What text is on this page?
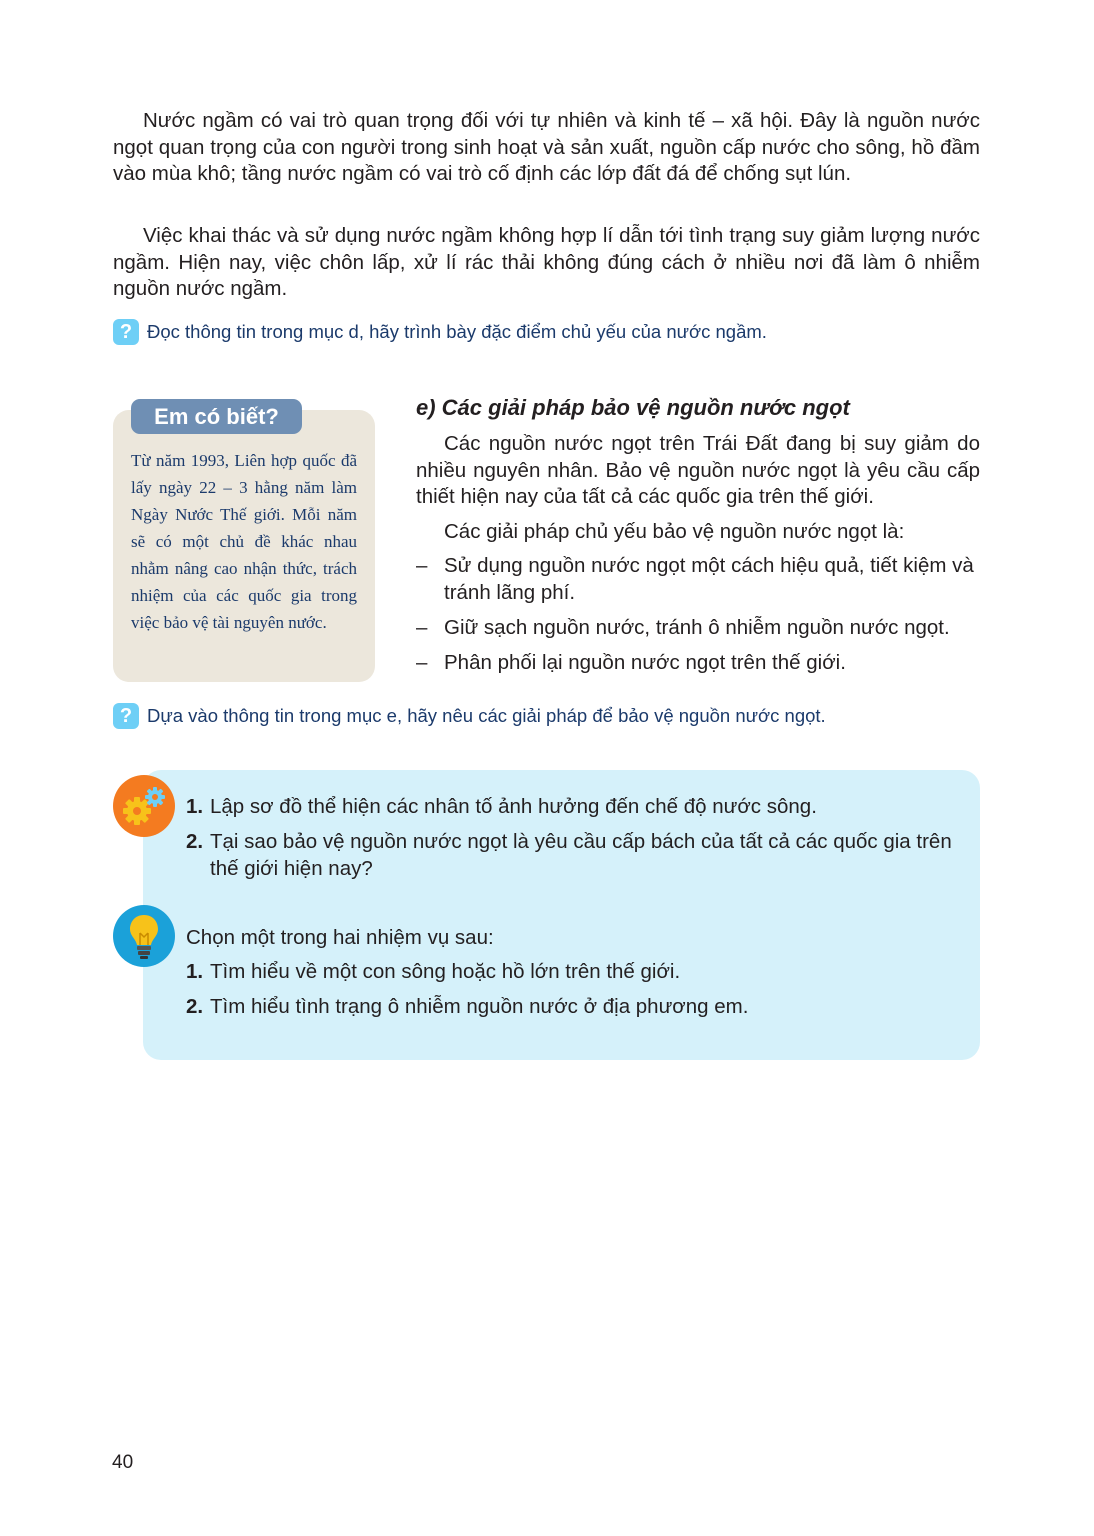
Nước ngầm có vai trò quan trọng đối với tự nhiên và kinh tế – xã hội. Đây là nguồn nước ngọt quan trọng của con người trong sinh hoạt và sản xuất, nguồn cấp nước cho sông, hồ đầm vào mùa khô; tầng nước ngầm có vai trò cố định các lớp đất đá để chống sụt lún.

Việc khai thác và sử dụng nước ngầm không hợp lí dẫn tới tình trạng suy giảm lượng nước ngầm. Hiện nay, việc chôn lấp, xử lí rác thải không đúng cách ở nhiều nơi đã làm ô nhiễm nguồn nước ngầm.

? Đọc thông tin trong mục d, hãy trình bày đặc điểm chủ yếu của nước ngầm.
Em có biết?

Từ năm 1993, Liên hợp quốc đã lấy ngày 22 – 3 hằng năm làm Ngày Nước Thế giới. Mỗi năm sẽ có một chủ đề khác nhau nhằm nâng cao nhận thức, trách nhiệm của các quốc gia trong việc bảo vệ tài nguyên nước.

e) Các giải pháp bảo vệ nguồn nước ngọt

Các nguồn nước ngọt trên Trái Đất đang bị suy giảm do nhiều nguyên nhân. Bảo vệ nguồn nước ngọt là yêu cầu cấp thiết hiện nay của tất cả các quốc gia trên thế giới.

Các giải pháp chủ yếu bảo vệ nguồn nước ngọt là:

– Sử dụng nguồn nước ngọt một cách hiệu quả, tiết kiệm và tránh lãng phí.
– Giữ sạch nguồn nước, tránh ô nhiễm nguồn nước ngọt.
– Phân phối lại nguồn nước ngọt trên thế giới.
? Dựa vào thông tin trong mục e, hãy nêu các giải pháp để bảo vệ nguồn nước ngọt.
1. Lập sơ đồ thể hiện các nhân tố ảnh hưởng đến chế độ nước sông.
2. Tại sao bảo vệ nguồn nước ngọt là yêu cầu cấp bách của tất cả các quốc gia trên thế giới hiện nay?

Chọn một trong hai nhiệm vụ sau:

1. Tìm hiểu về một con sông hoặc hồ lớn trên thế giới.
2. Tìm hiểu tình trạng ô nhiễm nguồn nước ở địa phương em.
40
